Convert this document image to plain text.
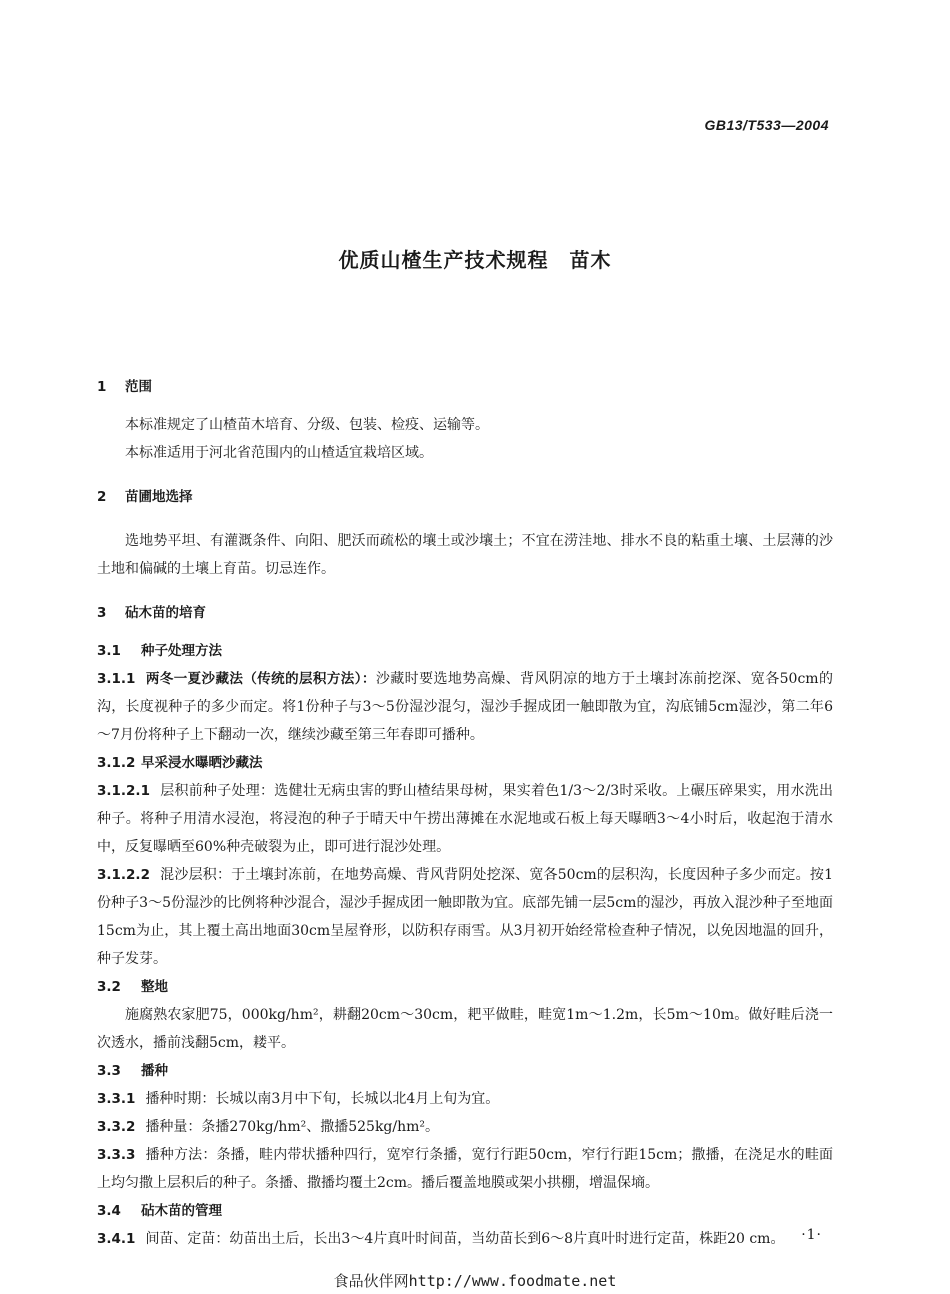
GB13/T533—2004
优质山楂生产技术规程　苗木
1 范围

本标准规定了山楂苗木培育、分级、包装、检疫、运输等。

本标准适用于河北省范围内的山楂适宜栽培区域。

2 苗圃地选择

选地势平坦、有灌溉条件、向阳、肥沃而疏松的壤土或沙壤土；不宜在涝洼地、排水不良的粘重土壤、土层薄的沙土地和偏碱的土壤上育苗。切忌连作。

3 砧木苗的培育
3.1 种子处理方法

3.1.1 两冬一夏沙藏法（传统的层积方法）：沙藏时要选地势高燥、背风阴凉的地方于土壤封冻前挖深、宽各50cm的沟，长度视种子的多少而定。将1份种子与3～5份湿沙混匀，湿沙手握成团一触即散为宜，沟底铺5cm湿沙，第二年6～7月份将种子上下翻动一次，继续沙藏至第三年春即可播种。

3.1.2 早采浸水曝晒沙藏法

3.1.2.1 层积前种子处理：选健壮无病虫害的野山楂结果母树，果实着色1/3～2/3时采收。上碾压碎果实，用水洗出种子。将种子用清水浸泡，将浸泡的种子于晴天中午捞出薄摊在水泥地或石板上每天曝晒3～4小时后，收起泡于清水中，反复曝晒至60%种壳破裂为止，即可进行混沙处理。

3.1.2.2 混沙层积：于土壤封冻前，在地势高燥、背风背阴处挖深、宽各50cm的层积沟，长度因种子多少而定。按1份种子3～5份湿沙的比例将种沙混合，湿沙手握成团一触即散为宜。底部先铺一层5cm的湿沙，再放入混沙种子至地面15cm为止，其上覆土高出地面30cm呈屋脊形，以防积存雨雪。从3月初开始经常检查种子情况，以免因地温的回升，种子发芽。

3.2 整地

施腐熟农家肥75，000kg/hm²，耕翻20cm～30cm，耙平做畦，畦宽1m～1.2m，长5m～10m。做好畦后浇一次透水，播前浅翻5cm，耧平。

3.3 播种

3.3.1 播种时期：长城以南3月中下旬，长城以北4月上旬为宜。

3.3.2 播种量：条播270kg/hm²、撒播525kg/hm²。

3.3.3 播种方法：条播，畦内带状播种四行，宽窄行条播，宽行行距50cm，窄行行距15cm；撒播，在浇足水的畦面上均匀撒上层积后的种子。条播、撒播均覆土2cm。播后覆盖地膜或架小拱棚，增温保墒。

3.4 砧木苗的管理

3.4.1 间苗、定苗：幼苗出土后，长出3～4片真叶时间苗，当幼苗长到6～8片真叶时进行定苗，株距20 cm。	·1·
食品伙伴网http://www.foodmate.net
